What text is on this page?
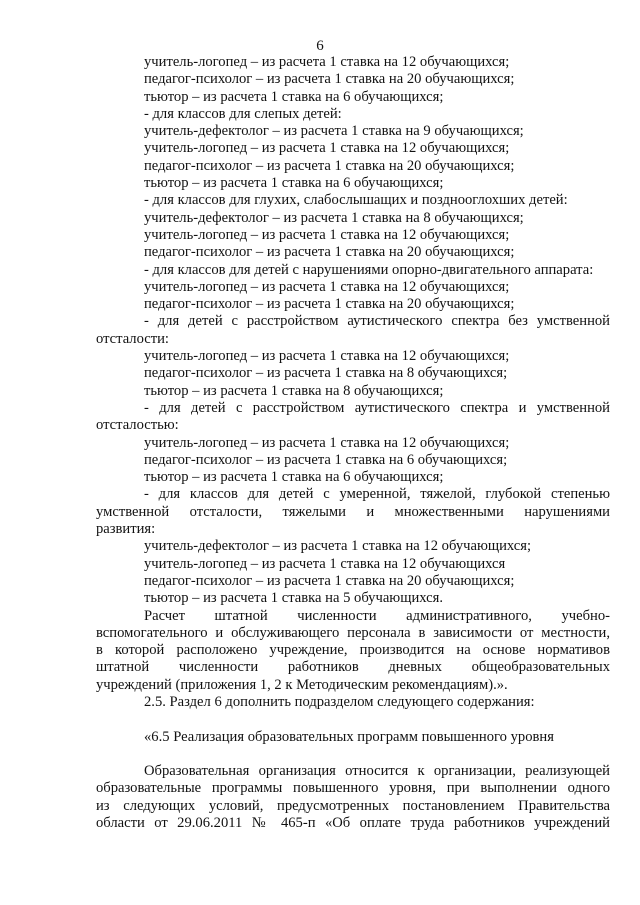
6
учитель-логопед – из расчета 1 ставка на 12 обучающихся;
педагог-психолог – из расчета 1 ставка на 20 обучающихся;
тьютор – из расчета 1 ставка на 6 обучающихся;
- для классов для слепых детей:
учитель-дефектолог – из расчета 1 ставка на 9 обучающихся;
учитель-логопед – из расчета 1 ставка на 12 обучающихся;
педагог-психолог – из расчета 1 ставка на 20 обучающихся;
тьютор – из расчета 1 ставка на 6 обучающихся;
- для классов для глухих, слабослышащих и позднооглохших детей:
учитель-дефектолог – из расчета 1 ставка на 8 обучающихся;
учитель-логопед – из расчета 1 ставка на 12 обучающихся;
педагог-психолог – из расчета 1 ставка на 20 обучающихся;
- для классов для детей с нарушениями опорно-двигательного аппарата:
учитель-логопед – из расчета 1 ставка на 12 обучающихся;
педагог-психолог – из расчета 1 ставка на 20 обучающихся;
- для детей с расстройством аутистического спектра без умственной
отсталости:
учитель-логопед – из расчета 1 ставка на 12 обучающихся;
педагог-психолог – из расчета 1 ставка на 8 обучающихся;
тьютор – из расчета 1 ставка на 8 обучающихся;
- для детей с расстройством аутистического спектра и умственной
отсталостью:
учитель-логопед – из расчета 1 ставка на 12 обучающихся;
педагог-психолог – из расчета 1 ставка на 6 обучающихся;
тьютор – из расчета 1 ставка на 6 обучающихся;
- для классов для детей с умеренной, тяжелой, глубокой степенью
умственной отсталости, тяжелыми и множественными нарушениями
развития:
учитель-дефектолог – из расчета 1 ставка на 12 обучающихся;
учитель-логопед – из расчета 1 ставка на 12 обучающихся
педагог-психолог – из расчета 1 ставка на 20 обучающихся;
тьютор – из расчета 1 ставка на 5 обучающихся.
Расчет штатной численности административного, учебно-
вспомогательного и обслуживающего персонала в зависимости от местности,
в которой расположено учреждение, производится на основе нормативов
штатной численности работников дневных общеобразовательных
учреждений (приложения 1, 2 к Методическим рекомендациям).».
2.5. Раздел 6 дополнить подразделом следующего содержания:
«6.5 Реализация образовательных программ повышенного уровня
Образовательная организация относится к организации, реализующей
образовательные программы повышенного уровня, при выполнении одного
из следующих условий, предусмотренных постановлением Правительства
области от 29.06.2011 № 465-п «Об оплате труда работников учреждений
